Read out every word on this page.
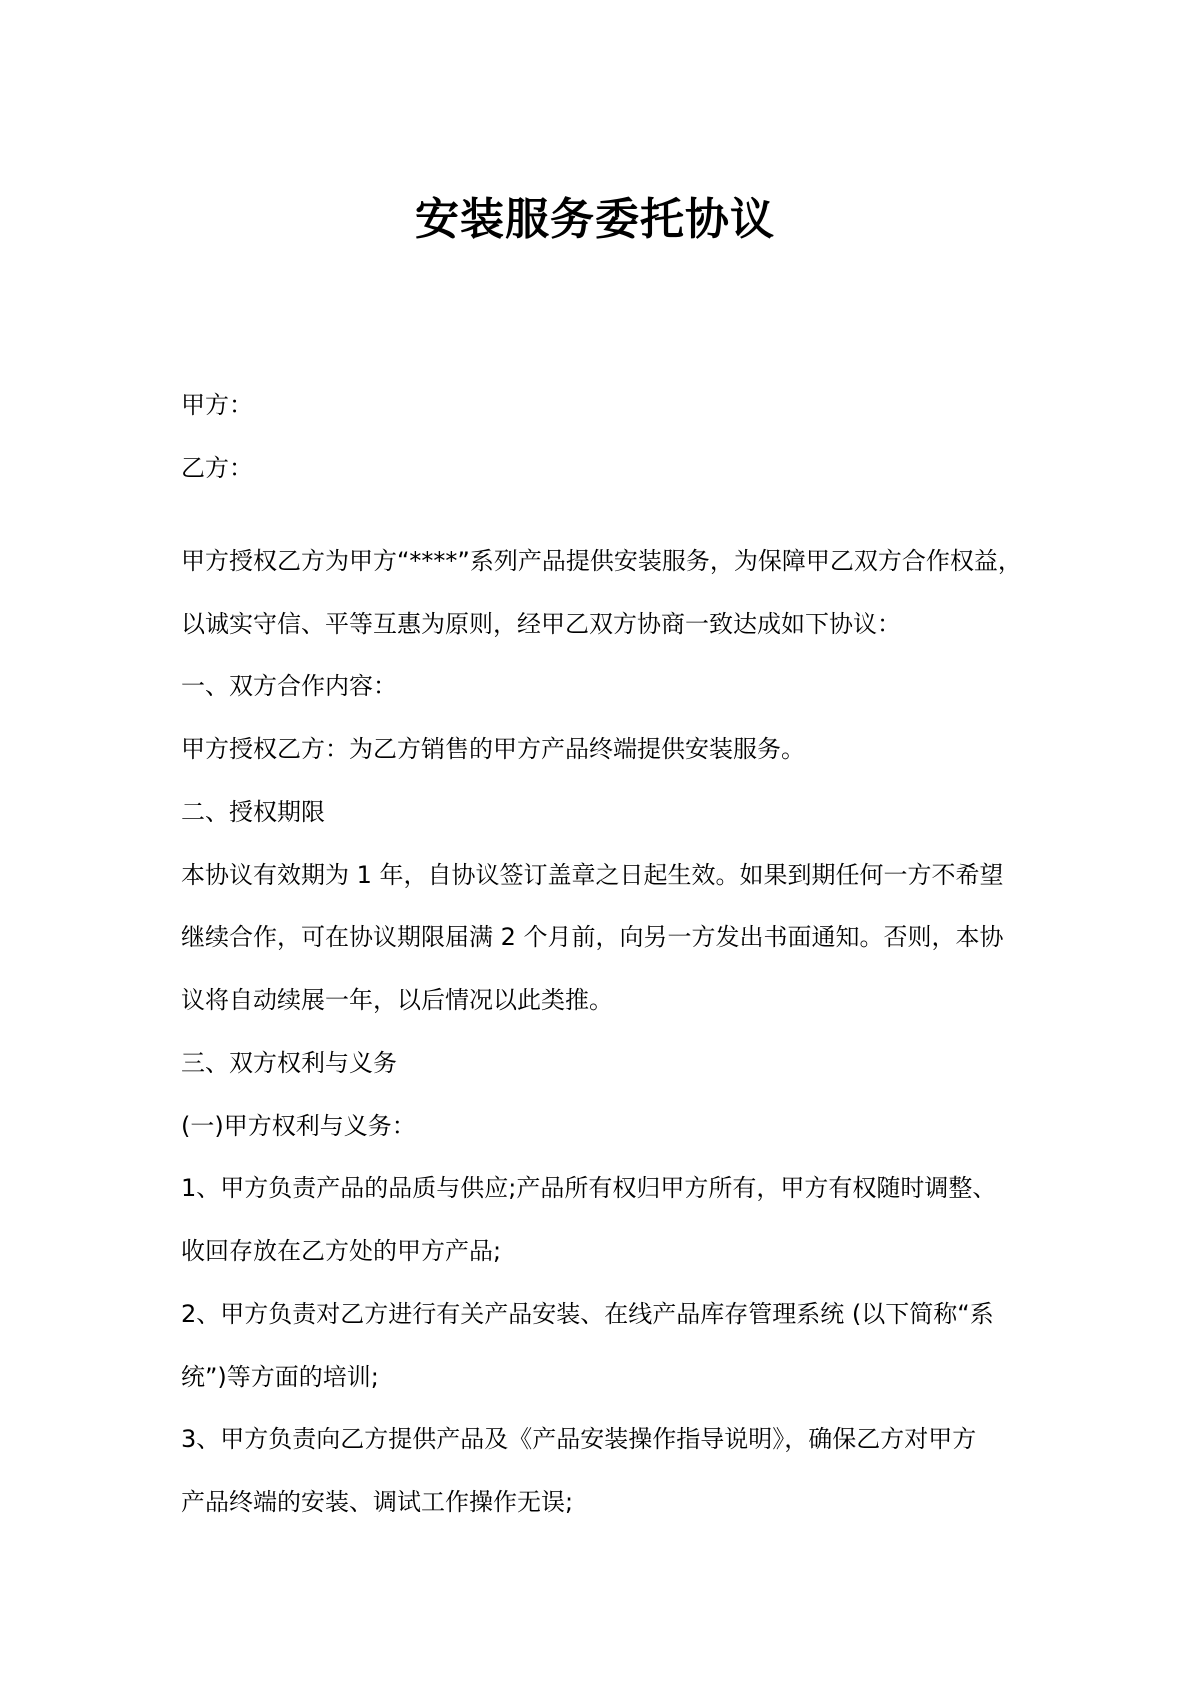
安装服务委托协议
甲方：
乙方：
甲方授权乙方为甲方“****”系列产品提供安装服务，为保障甲乙双方合作权益，
以诚实守信、平等互惠为原则，经甲乙双方协商一致达成如下协议：
一、双方合作内容：
甲方授权乙方：为乙方销售的甲方产品终端提供安装服务。
二、授权期限
本协议有效期为 1 年，自协议签订盖章之日起生效。如果到期任何一方不希望
继续合作，可在协议期限届满 2 个月前，向另一方发出书面通知。否则，本协
议将自动续展一年，以后情况以此类推。
三、双方权利与义务
(一)甲方权利与义务：
1、甲方负责产品的品质与供应;产品所有权归甲方所有，甲方有权随时调整、
收回存放在乙方处的甲方产品;
2、甲方负责对乙方进行有关产品安装、在线产品库存管理系统 (以下简称“系
统”)等方面的培训;
3、甲方负责向乙方提供产品及《产品安装操作指导说明》，确保乙方对甲方
产品终端的安装、调试工作操作无误;
